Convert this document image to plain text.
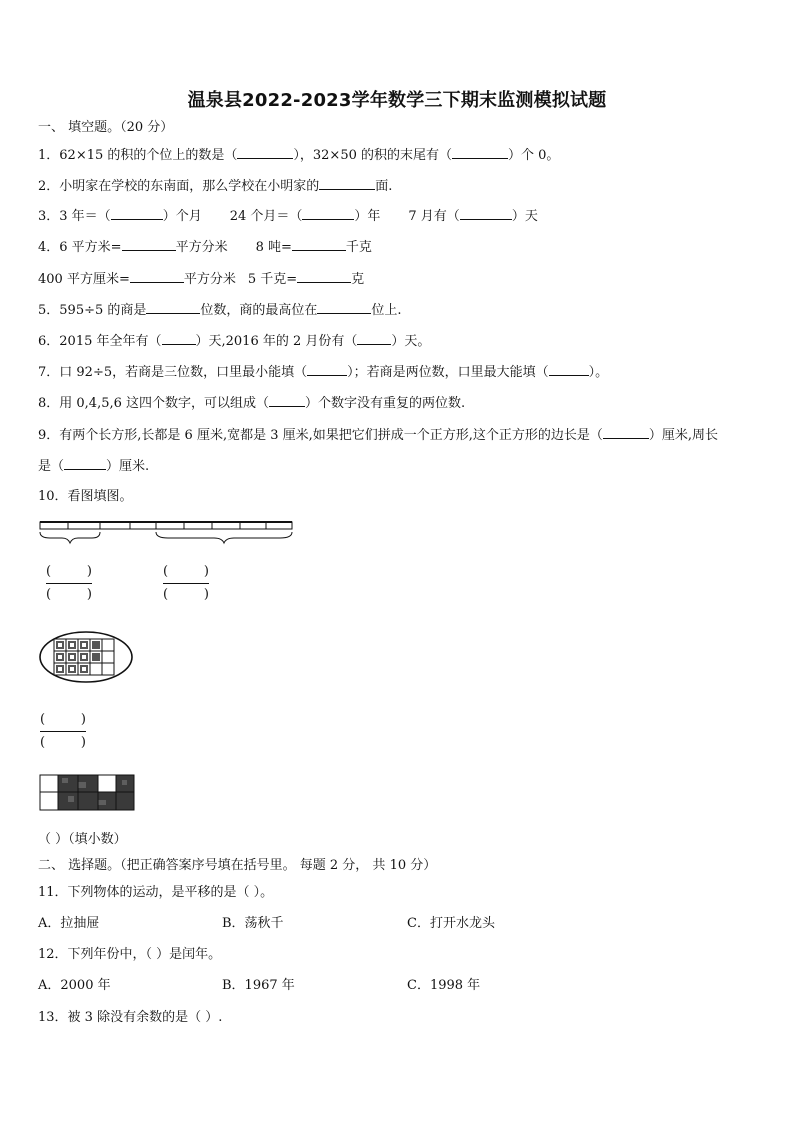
温泉县2022-2023学年数学三下期末监测模拟试题
一、 填空题。（20 分）
1．62×15 的积的个位上的数是（	），32×50 的积的末尾有（	）个 0。
2．小明家在学校的东南面，那么学校在小明家的	面.
3．3 年＝（	）个月 24 个月＝（	）年 7 月有（	）天
4．6 平方米=	平方分米 8 吨=	千克
400 平方厘米=	平方分米 5 千克=	克
5．595÷5 的商是	位数，商的最高位在	位上.
6．2015 年全年有（	）天,2016 年的 2 月份有（	）天。
7．口 92÷5，若商是三位数，口里最小能填（	）；若商是两位数，口里最大能填（	）。
8．用 0,4,5,6 这四个数字，可以组成（	）个数字没有重复的两位数.
9．有两个长方形,长都是 6 厘米,宽都是 3 厘米,如果把它们拼成一个正方形,这个正方形的边长是（	）厘米,周长
是（	）厘米.
10．看图填图。
(	)
(	)
(	)
(	)
(	)
(	)
（ ）（填小数）
二、 选择题。（把正确答案序号填在括号里。 每题 2 分， 共 10 分）
11．下列物体的运动，是平移的是（ ）。
A．拉抽屉	B．荡秋千	C．打开水龙头
12．下列年份中，（ ）是闰年。
A．2000 年	B．1967 年	C．1998 年
13．被 3 除没有余数的是（ ）.
